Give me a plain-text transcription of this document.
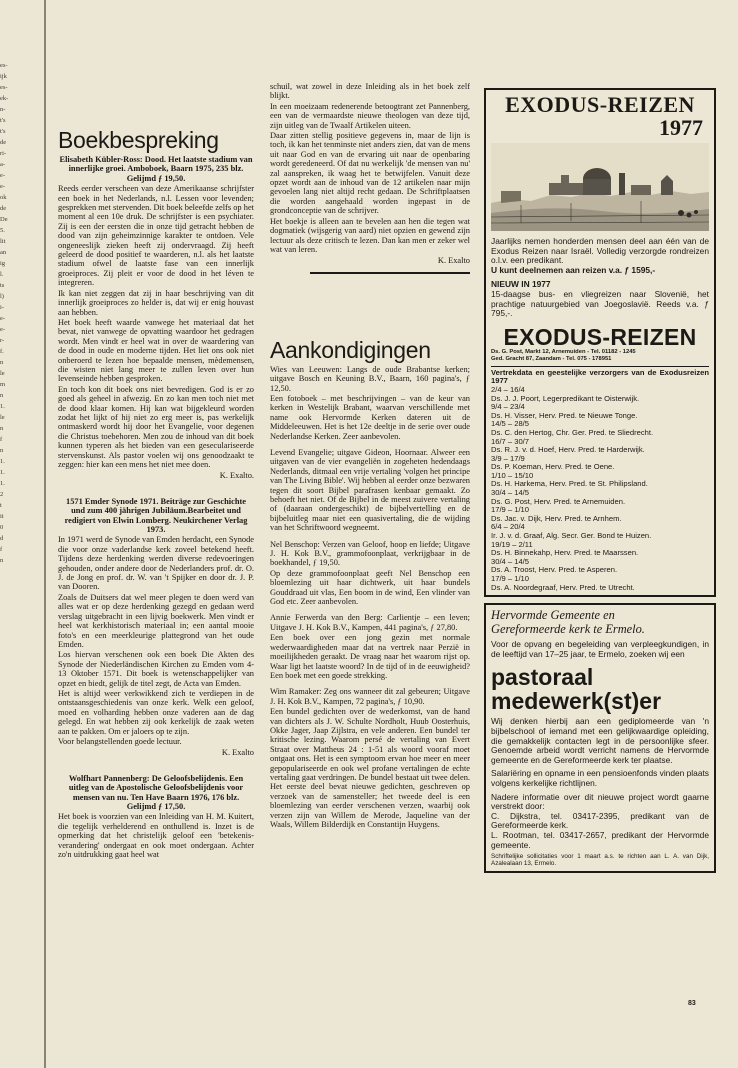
es-
ijk
es-
ek-
n-
t's
t's
de
ri-
a-
e-
e-
ok
de
De
5.
lit
an
ig
l.
ts
l)
i-
e-
e-
r-
f.
n
le
m
n
1.
le
n
f
n
1.
1.
1.
2
t
it
0
d
f
n
Boekbespreking
Elisabeth Kübler-Ross: Dood. Het laatste stadium van innerlijke groei. Amboboek, Baarn 1975, 235 blz. Gelijmd ƒ 19,50.

Reeds eerder verscheen van deze Amerikaanse schrijfster een boek in het Nederlands, n.l. Lessen voor levenden; gesprekken met stervenden. Dit boek beleefde zelfs op het moment al een 10e druk. De schrijfster is een psychiater. Zij is een der eersten die in onze tijd getracht hebben de dood van zijn geheimzinnige karakter te ontdoen. Vele ongeneeslijk zieken heeft zij ondervraagd. Zij heeft geleerd de dood positief te waarderen, n.l. als het laatste stadium ofwel de laatste fase van een innerlijk groeiproces. Zij pleit er voor de dood in het léven te integreren.

Ik kan niet zeggen dat zij in haar beschrijving van dit innerlijk groeiproces zo helder is, dat wij er enig houvast aan hebben.

Het boek heeft waarde vanwege het materiaal dat het bevat, niet vanwege de opvatting waardoor het gedragen wordt. Men vindt er heel wat in over de waardering van de dood in oude en moderne tijden. Het liet ons ook niet onberoerd te lezen hoe bepaalde mensen, mèdemensen, die wisten niet lang meer te zullen leven over hun levenseinde hebben gesproken.

En toch kon dit boek ons niet bevredigen. God is er zo goed als geheel in afwezig. En zo kan men toch niet met de dood klaar komen. Hij kan wat bijgekleurd worden zodat het lijkt of hij niet zo erg meer is, pas werkelijk ontmaskerd wordt hij door het Evangelie, voor degenen die Christus toebehoren. Men zou de inhoud van dit boek kunnen typeren als het bieden van een geseculariseerde stervenskunst. Als pastor voelen wij ons genoodzaakt te zeggen: hier kan een mens het niet mee doen.

K. Exalto.
1571 Emder Synode 1971. Beiträge zur Geschichte und zum 400 jährigen Jubiläum.Bearbeitet und redigiert von Elwin Lomberg. Neukirchener Verlag 1973.

In 1971 werd de Synode van Emden herdacht, een Synode die voor onze vaderlandse kerk zoveel betekend heeft. Tijdens deze herdenking werden diverse redevoeringen gehouden, onder andere door de Nederlanders prof. dr. O. J. de Jong en prof. dr. W. van 't Spijker en door dr. J. P. van Dooren.

Zoals de Duitsers dat wel meer plegen te doen werd van alles wat er op deze herdenking gezegd en gedaan werd verslag uitgebracht in een lijvig boekwerk. Men vindt er heel wat kerkhistorisch materiaal in; een aantal mooie foto's en een meerkleurige plattegrond van het oude Emden.

Los hiervan verschenen ook een boek Die Akten des Synode der Niederländischen Kirchen zu Emden vom 4-13 Oktober 1571. Dit boek is wetenschappelijker van opzet en biedt, gelijk de titel zegt, de Acta van Emden.

Het is altijd weer verkwikkend zich te verdiepen in de ontstaansgeschiedenis van onze kerk. Welk een geloof, moed en volharding hebben onze vaderen aan de dag gelegd. En wat hebben zij ook kerkelijk de zaak weten aan te pakken. Om er jaloers op te zijn.

Voor belangstellenden goede lectuur.

K. Exalto
Wolfhart Pannenberg: De Geloofsbelijdenis. Een uitleg van de Apostolische Geloofsbelijdenis voor mensen van nu. Ten Have Baarn 1976, 176 blz. Gelijmd ƒ 17,50.

Het boek is voorzien van een Inleiding van H. M. Kuitert, die tegelijk verhelderend en onthullend is. Inzet is de opmerking dat het christelijk geloof een 'betekenis-verandering' ondergaat en ook moet ondergaan. Achter zo'n uitdrukking gaat heel wat

schuil, wat zowel in deze Inleiding als in het boek zelf blijkt.

In een moeizaam redenerende betoogtrant zet Pannenberg, een van de vermaardste nieuwe theologen van deze tijd, zijn uitleg van de Twaalf Artikelen uiteen.

Daar zitten stellig positieve gegevens in, maar de lijn is toch, ik kan het tenminste niet anders zien, dat van de mens uit naar God en van de ervaring uit naar de openbaring wordt geredeneerd. Of dat nu werkelijk 'de mensen van nu' zal aanspreken, ik waag het te betwijfelen. Vanuit deze opzet wordt aan de inhoud van de 12 artikelen naar mijn gevoelen lang niet altijd recht gedaan. De Schriftplaatsen die worden aangehaald worden ingepast in de grondconceptie van de schrijver.

Het boekje is alleen aan te bevelen aan hen die tegen wat dogmatiek (wijsgerig van aard) niet opzien en gewend zijn lectuur als deze critisch te lezen. Dan kan men er zeker wel wat van leren.

K. Exalto
Aankondigingen

Wies van Leeuwen: Langs de oude Brabantse kerken; uitgave Bosch en Keuning B.V., Baarn, 160 pagina's, ƒ 12,50.

Een fotoboek – met beschrijvingen – van de keur van kerken in Westelijk Brabant, waarvan verschillende met name ook Hervormde Kerken dateren uit de Middeleeuwen. Het is het 12e deeltje in de serie over oude Nederlandse Kerken. Zeer aanbevolen.

Levend Evangelie; uitgave Gideon, Hoornaar. Alweer een uitgaven van de vier evangeliën in zogeheten hedendaags Nederlands, ditmaal een vrije vertaling 'volgen het principe van The Living Bible'. Wij hebben al eerder onze bezwaren tegen dit soort Bijbel parafrasen kenbaar gemaakt. Zo behoeft het niet. Of de Bijbel in de meest zuivere vertaling of (daaraan ondergeschikt) de bijbelvertelling en de bijbeluitleg maar niet een quasivertaling, die de wijding van het Schriftwoord wegneemt.

Nel Benschop: Verzen van Geloof, hoop en liefde; Uitgave J. H. Kok B.V., grammofoonplaat, verkrijgbaar in de boekhandel, ƒ 19,50.

Op deze grammofoonplaat geeft Nel Benschop een bloemlezing uit haar dichtwerk, uit haar bundels Gouddraad uit vlas, Een boom in de wind, Een vlinder van God etc. Zeer aanbevolen.

Annie Ferwerda van den Berg: Carlientje – een leven; Uitgave J. H. Kok B.V., Kampen, 441 pagina's, ƒ 27,80.

Een boek over een jong gezin met normale wederwaardigheden maar dat na vertrek naar Perzië in moeilijkheden geraakt. De vraag naar het waarom rijst op. Waar ligt het laatste woord? In de tijd of in de eeuwigheid? Een boek met een goede strekking.

Wim Ramaker: Zeg ons wanneer dit zal gebeuren; Uitgave J. H. Kok B.V., Kampen, 72 pagina's, ƒ 10,90.

Een bundel gedichten over de wederkomst, van de hand van dichters als J. W. Schulte Nordholt, Huub Oosterhuis, Okke Jager, Jaap Zijlstra, en vele anderen. Een bundel ter kritische lezing. Waarom persé de vertaling van Evert Straat over Mattheus 24 : 1-51 als woord vooraf moet ontgaat ons. Het is een symptoom ervan hoe meer en meer gepopulariseerde en ook wel profane vertalingen de echte vertaling gaat verdringen. De bundel bestaat uit twee delen. Het eerste deel bevat nieuwe gedichten, geschreven op verzoek van de samensteller; het tweede deel is een bloemlezing van eerder verschenen verzen, waarbij ook verzen zijn van Willem de Merode, Jaqueline van der Waals, Willem Bilderdijk en Constantijn Huygens.

EXODUS-REIZEN
1977
Jaarlijks nemen honderden mensen deel aan één van de Exodus Reizen naar Israël. Volledig verzorgde rondreizen o.l.v. een predikant.
U kunt deelnemen aan reizen v.a. ƒ 1595,-
NIEUW IN 1977
15-daagse bus- en vliegreizen naar Slovenië, het prachtige natuurgebied van Joegoslavië. Reeds v.a. ƒ 795,-.
EXODUS-REIZEN
Ds. G. Post, Markt 12, Arnemuiden - Tel. 01182 - 1245
Ged. Gracht 87, Zaandam - Tel. 075 - 178951
Vertrekdata en geestelijke verzorgers van de Exodusreizen 1977
2/4 – 16/4
Ds. J. J. Poort, Legerpredikant te Oisterwijk.
9/4 – 23/4
Ds. H. Visser, Herv. Pred. te Nieuwe Tonge.
14/5 – 28/5
Ds. C. den Hertog, Chr. Ger. Pred. te Sliedrecht.
16/7 – 30/7
Ds. R. J. v. d. Hoef, Herv. Pred. te Harderwijk.
3/9 – 17/9
Ds. P. Koeman, Herv. Pred. te Oene.
1/10 – 15/10
Ds. H. Harkema, Herv. Pred. te St. Philipsland.
30/4 – 14/5
Ds. G. Post, Herv. Pred. te Arnemuiden.
17/9 – 1/10
Ds. Jac. v. Dijk, Herv. Pred. te Arnhem.
6/4 – 20/4
Ir. J. v. d. Graaf, Alg. Secr. Ger. Bond te Huizen.
19/19 – 2/11
Ds. H. Binnekahp, Herv. Pred. te Maarssen.
30/4 – 14/5
Ds. A. Troost, Herv. Pred. te Asperen.
17/9 – 1/10
Ds. A. Noordegraaf, Herv. Pred. te Utrecht.
Hervormde Gemeente en
Gereformeerde kerk te Ermelo.
Voor de opvang en begeleiding van verpleegkundigen, in de leeftijd van 17–25 jaar, te Ermelo, zoeken wij een
pastoraal
medewerk(st)er
Wij denken hierbij aan een gediplomeerde van 'n bijbelschool of iemand met een gelijkwaardige opleiding, die gemakkelijk contacten legt in de persoonlijke sfeer. Genoemde arbeid wordt verricht namens de Hervormde gemeente en de Gereformeerde kerk ter plaatse.
Salariëring en opname in een pensioenfonds vinden plaats volgens kerkelijke richtlijnen.
Nadere informatie over dit nieuwe project wordt gaarne verstrekt door:
C. Dijkstra, tel. 03417-2395, predikant van de Gereformeerde kerk.
L. Rootman, tel. 03417-2657, predikant der Hervormde gemeente.
Schriftelijke sollicitaties voor 1 maart a.s. te richten aan L. A. van Dijk, Azalealaan 13, Ermelo.
83
